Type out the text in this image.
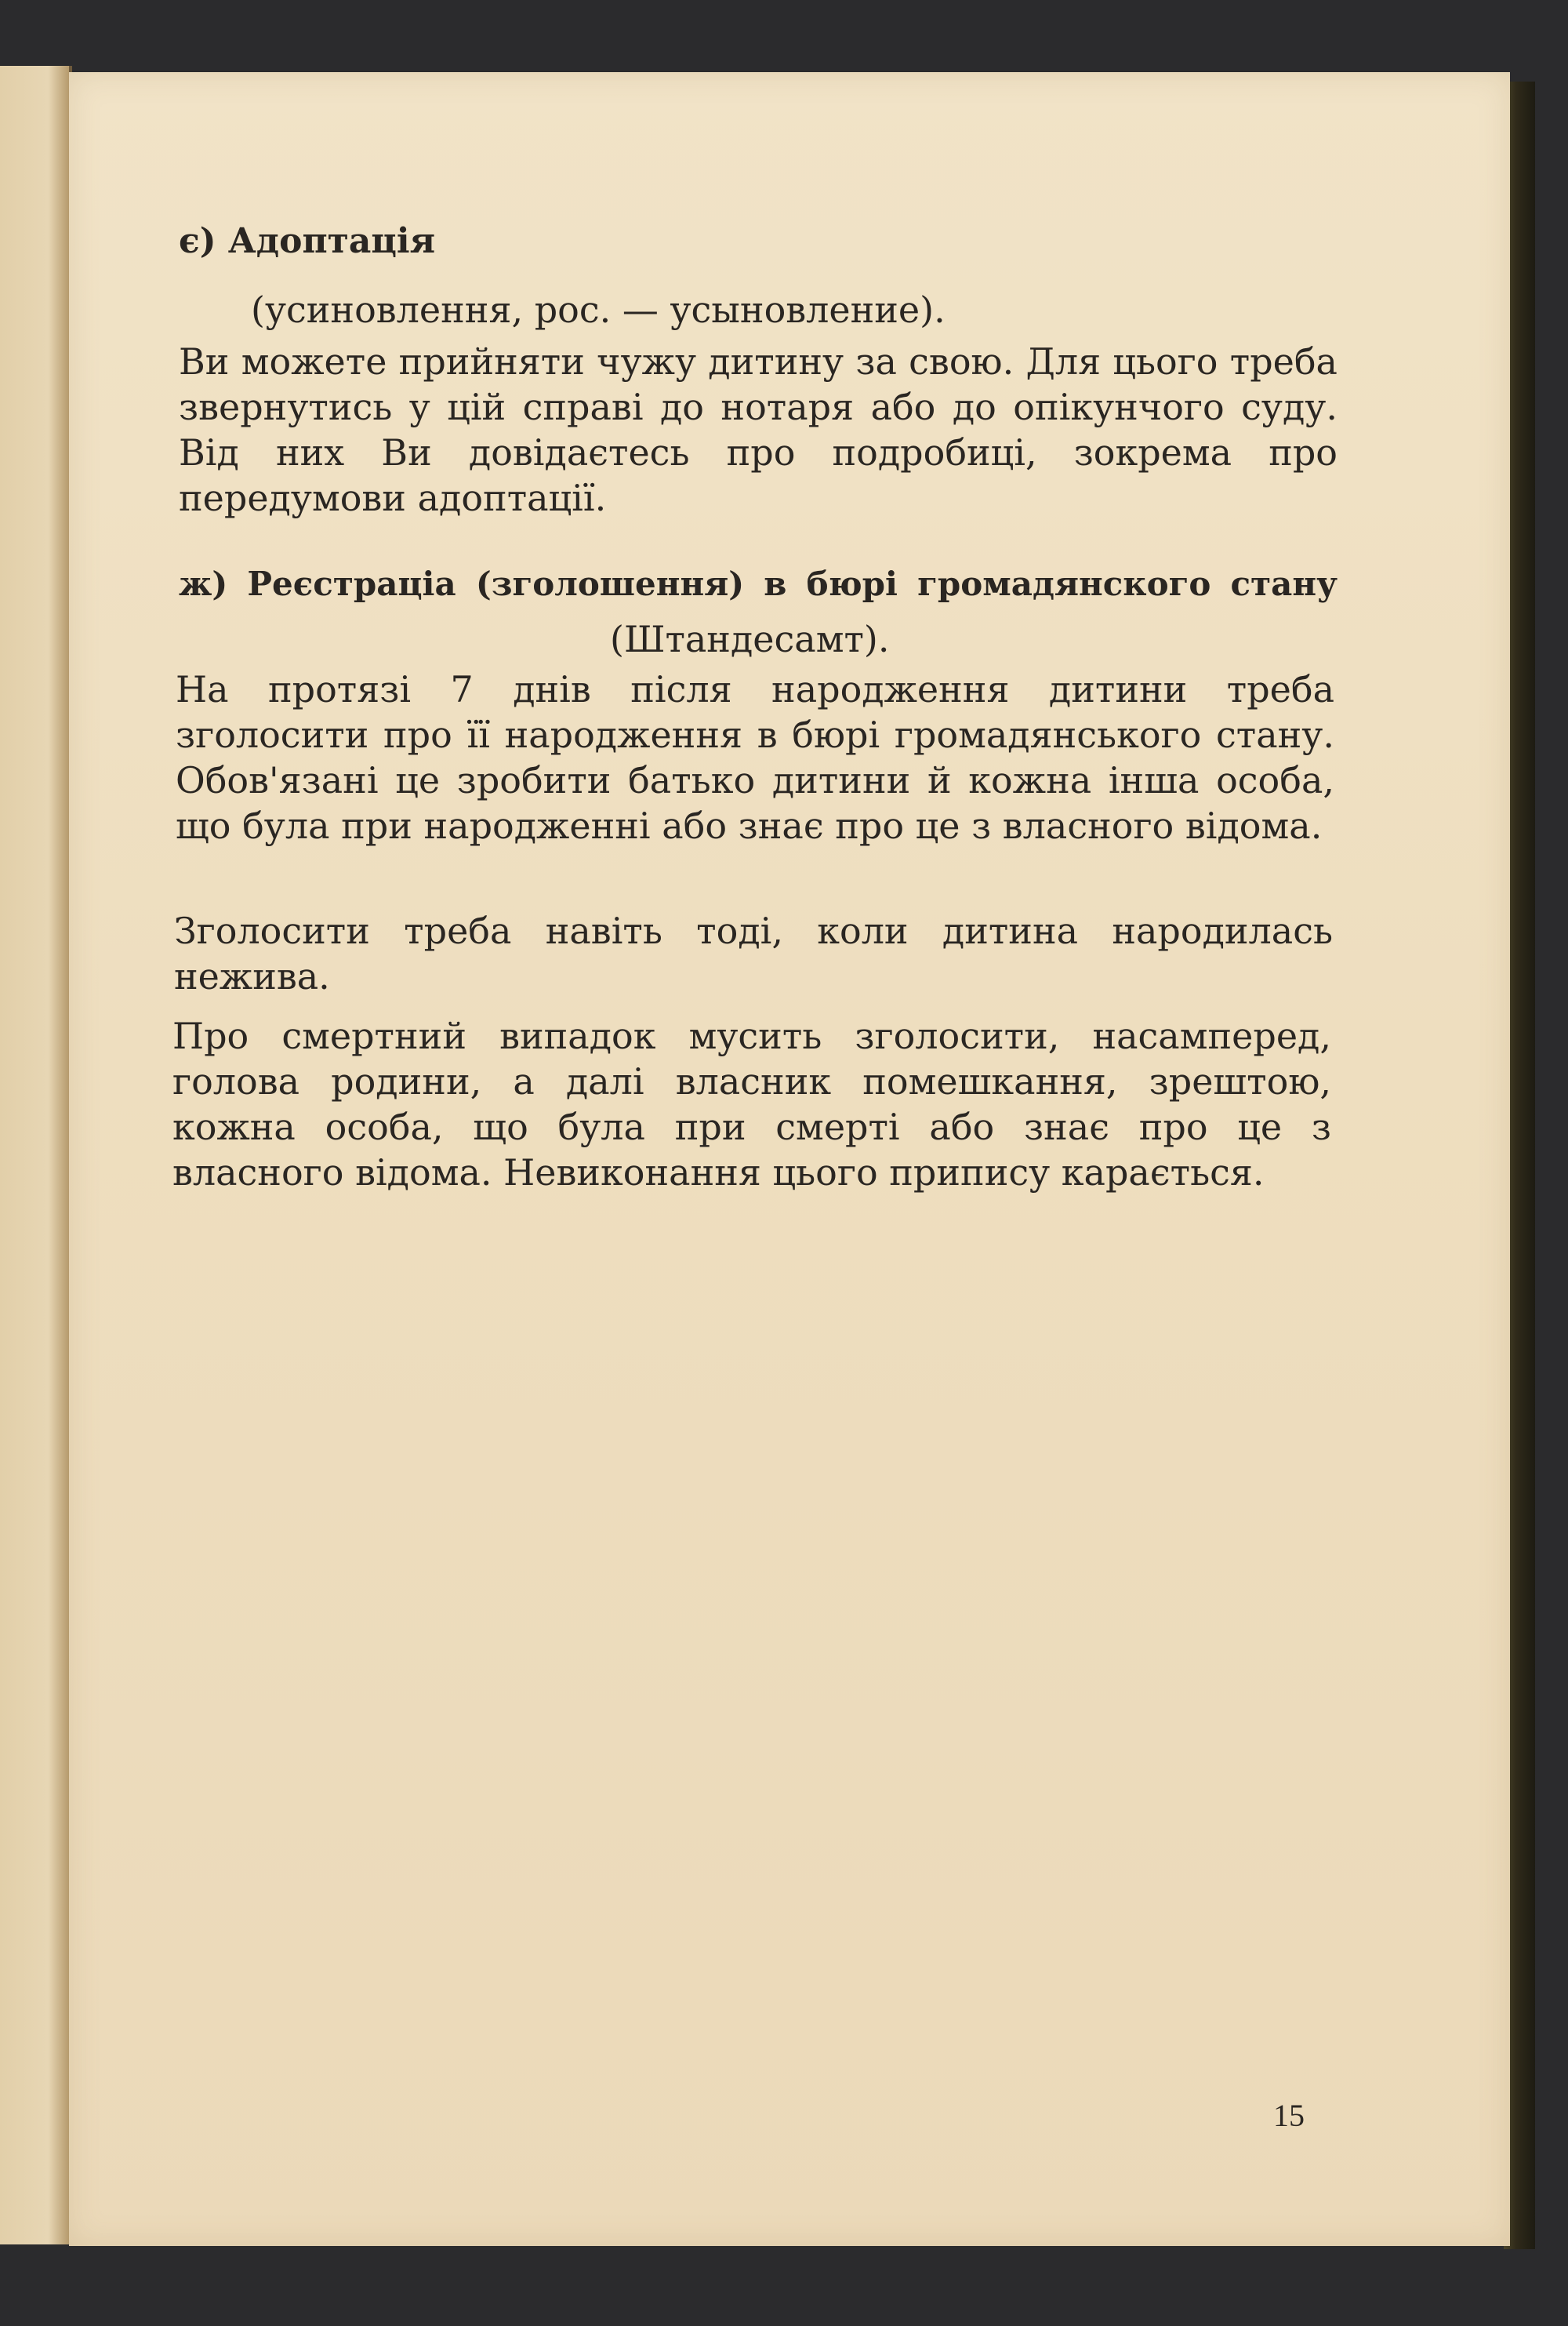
є) Адоптація
(усиновлення, рос. — усыновление).
Ви можете прийняти чужу дитину за свою. Для цього треба звернутись у цій справі до нотаря або до опікунчого суду. Від них Ви довідаєтесь про подробиці, зокрема про передумови адоптації.
ж) Реєстраціа (зголошення) в бюрі громадянского стану
(Штандесамт).
На протязі 7 днів після народження дитини треба зголосити про її народження в бюрі громадянського стану. Обов'язані це зробити батько дитини й кожна інша особа, що була при народженні або знає про це з власного відома.
Зголосити треба навіть тоді, коли дитина народилась нежива.
Про смертний випадок мусить зголосити, насамперед, голова родини, а далі власник помешкання, зрештою, кожна особа, що була при смерті або знає про це з власного відома. Невиконання цього припису карається.
15
